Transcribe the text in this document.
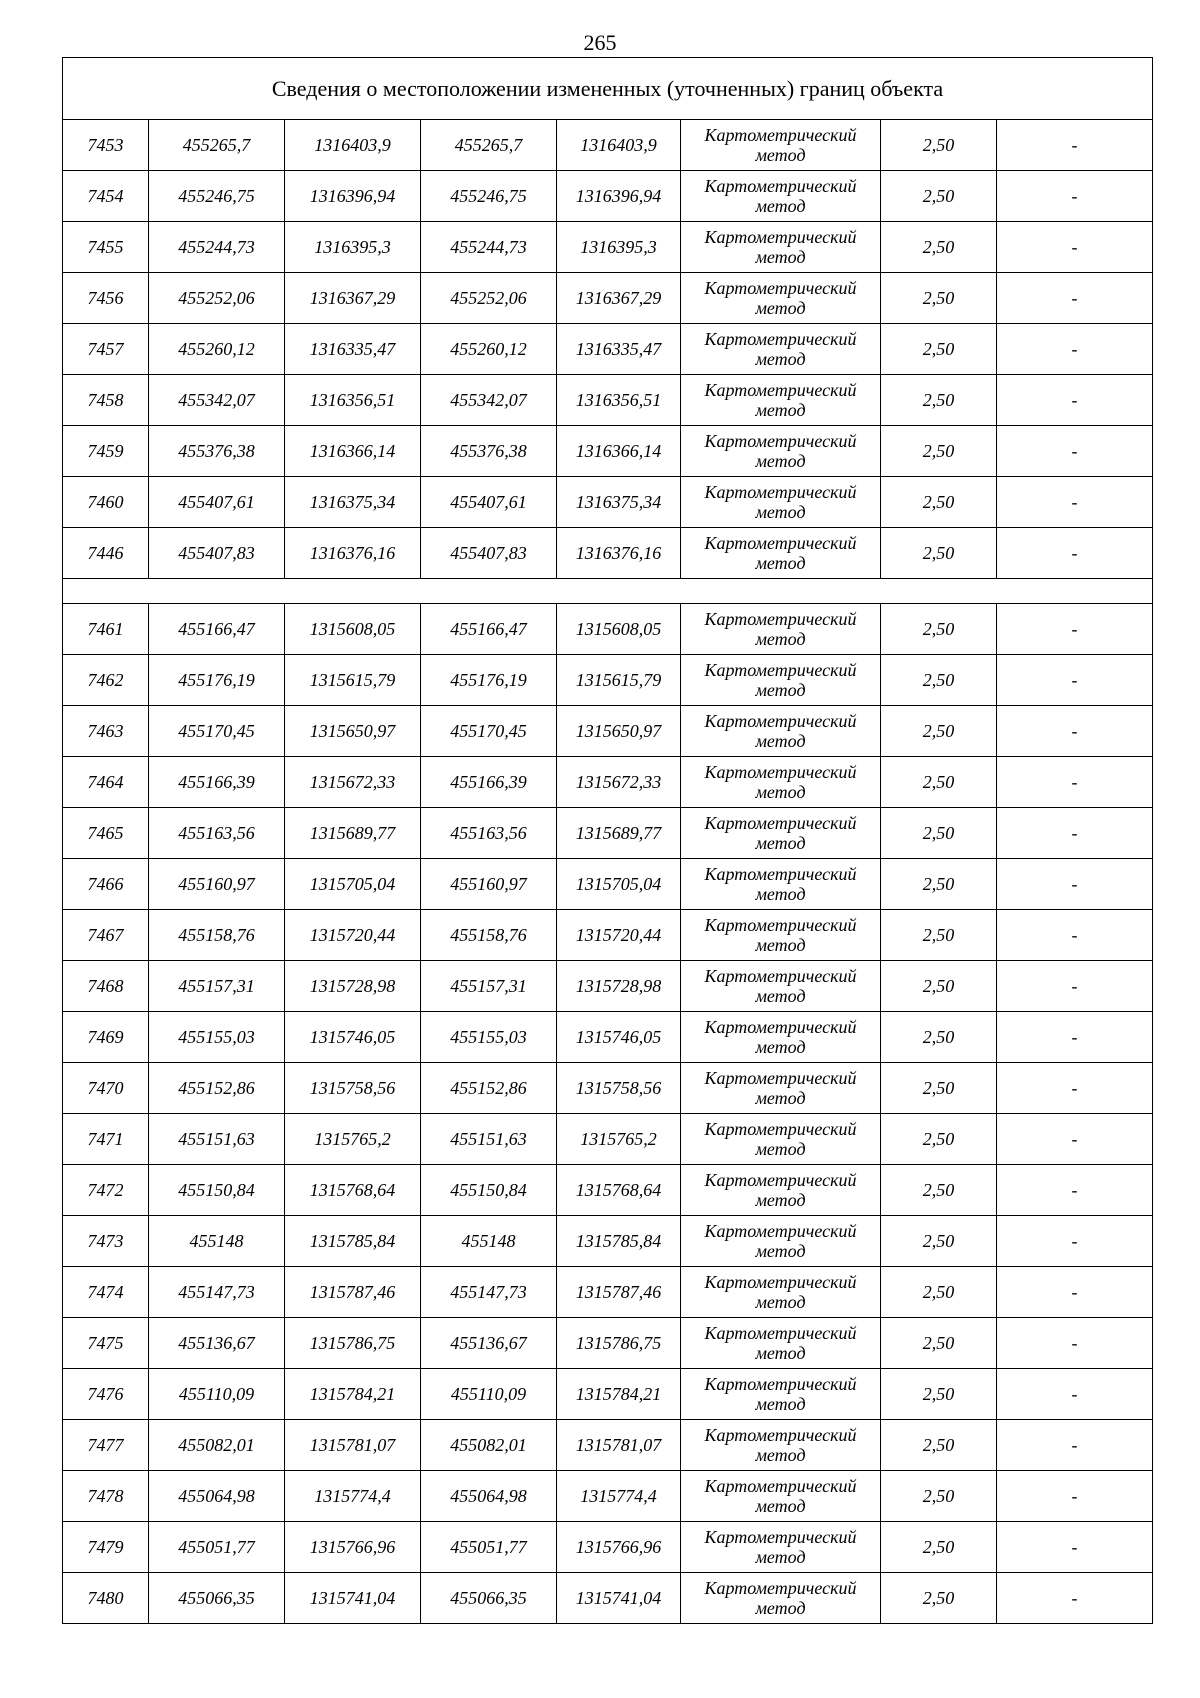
265
Сведения о местоположении измененных (уточненных) границ объекта							
7453	455265,7	1316403,9	455265,7	1316403,9	Картометрический
метод	2,50	-
7454	455246,75	1316396,94	455246,75	1316396,94	Картометрический
метод	2,50	-
7455	455244,73	1316395,3	455244,73	1316395,3	Картометрический
метод	2,50	-
7456	455252,06	1316367,29	455252,06	1316367,29	Картометрический
метод	2,50	-
7457	455260,12	1316335,47	455260,12	1316335,47	Картометрический
метод	2,50	-
7458	455342,07	1316356,51	455342,07	1316356,51	Картометрический
метод	2,50	-
7459	455376,38	1316366,14	455376,38	1316366,14	Картометрический
метод	2,50	-
7460	455407,61	1316375,34	455407,61	1316375,34	Картометрический
метод	2,50	-
7446	455407,83	1316376,16	455407,83	1316376,16	Картометрический
метод	2,50	-

7461	455166,47	1315608,05	455166,47	1315608,05	Картометрический
метод	2,50	-
7462	455176,19	1315615,79	455176,19	1315615,79	Картометрический
метод	2,50	-
7463	455170,45	1315650,97	455170,45	1315650,97	Картометрический
метод	2,50	-
7464	455166,39	1315672,33	455166,39	1315672,33	Картометрический
метод	2,50	-
7465	455163,56	1315689,77	455163,56	1315689,77	Картометрический
метод	2,50	-
7466	455160,97	1315705,04	455160,97	1315705,04	Картометрический
метод	2,50	-
7467	455158,76	1315720,44	455158,76	1315720,44	Картометрический
метод	2,50	-
7468	455157,31	1315728,98	455157,31	1315728,98	Картометрический
метод	2,50	-
7469	455155,03	1315746,05	455155,03	1315746,05	Картометрический
метод	2,50	-
7470	455152,86	1315758,56	455152,86	1315758,56	Картометрический
метод	2,50	-
7471	455151,63	1315765,2	455151,63	1315765,2	Картометрический
метод	2,50	-
7472	455150,84	1315768,64	455150,84	1315768,64	Картометрический
метод	2,50	-
7473	455148	1315785,84	455148	1315785,84	Картометрический
метод	2,50	-
7474	455147,73	1315787,46	455147,73	1315787,46	Картометрический
метод	2,50	-
7475	455136,67	1315786,75	455136,67	1315786,75	Картометрический
метод	2,50	-
7476	455110,09	1315784,21	455110,09	1315784,21	Картометрический
метод	2,50	-
7477	455082,01	1315781,07	455082,01	1315781,07	Картометрический
метод	2,50	-
7478	455064,98	1315774,4	455064,98	1315774,4	Картометрический
метод	2,50	-
7479	455051,77	1315766,96	455051,77	1315766,96	Картометрический
метод	2,50	-
7480	455066,35	1315741,04	455066,35	1315741,04	Картометрический
метод	2,50	-
